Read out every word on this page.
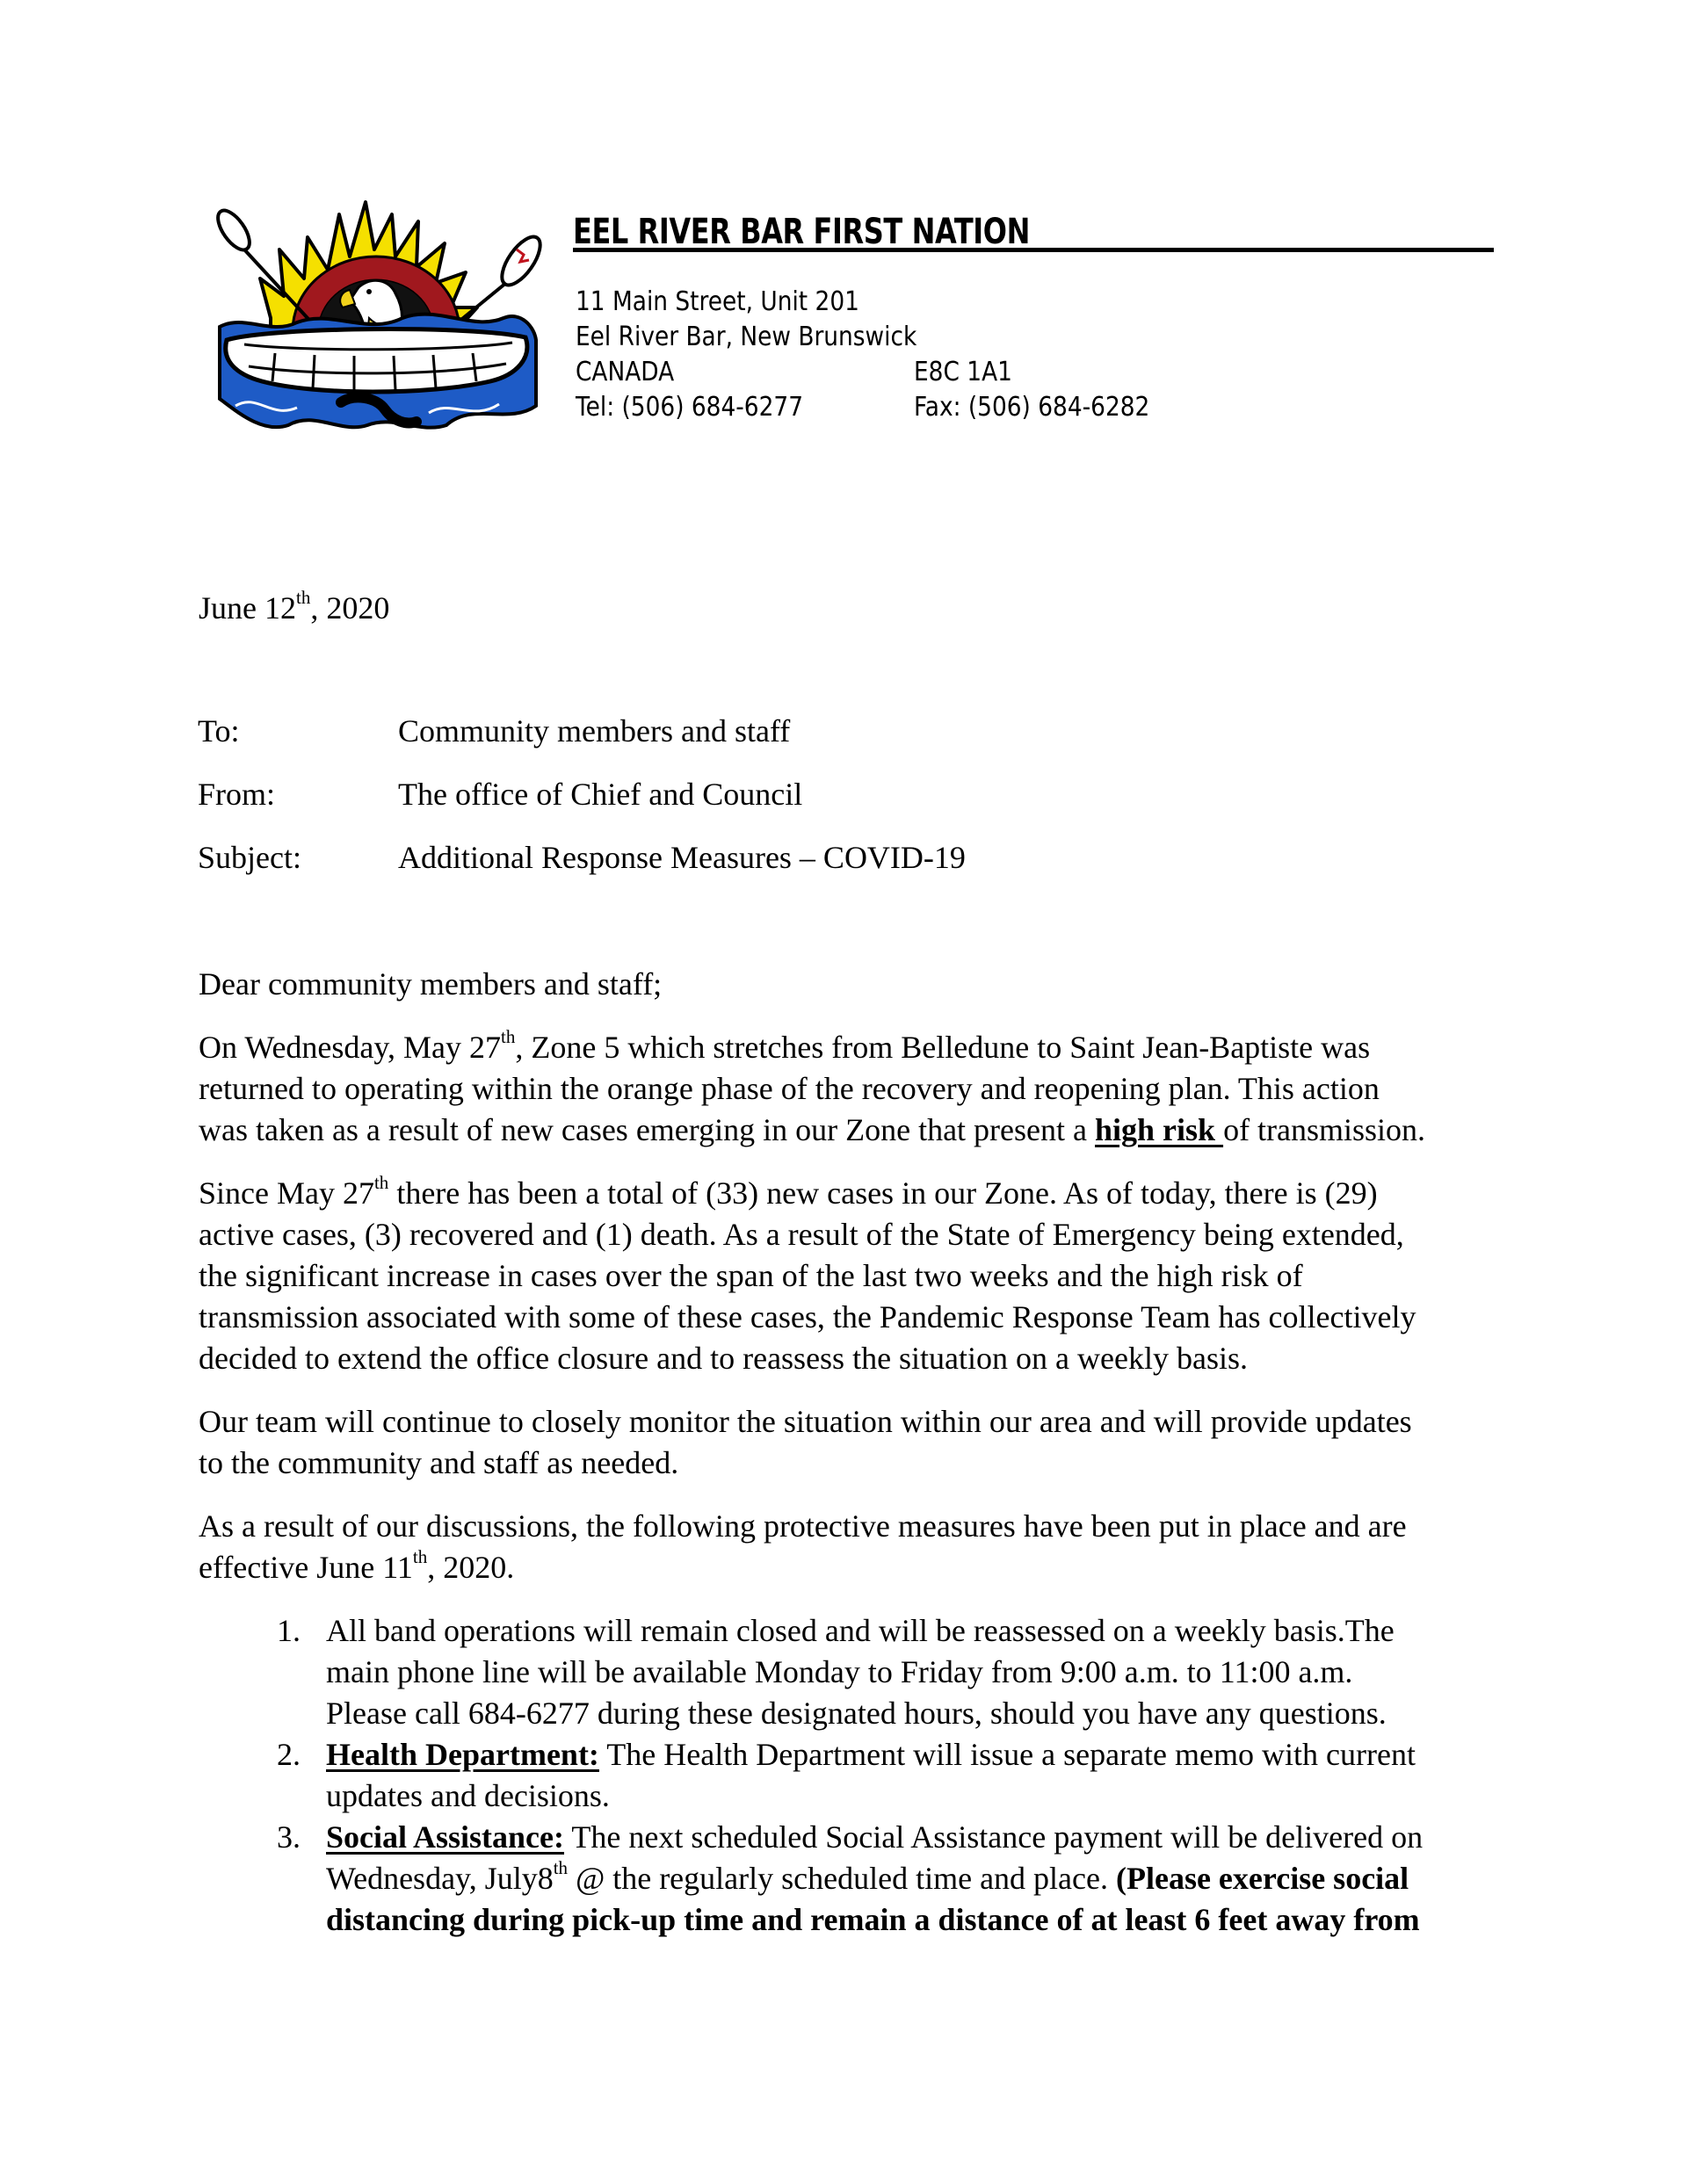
EEL RIVER BAR FIRST NATION
11 Main Street, Unit 201
Eel River Bar, New Brunswick
CANADA	E8C 1A1
Tel: (506) 684-6277	Fax: (506) 684-6282
June 12th, 2020
To:	Community members and staff
From:	The office of Chief and Council
Subject:	Additional Response Measures – COVID-19
Dear community members and staff;
On Wednesday, May 27th, Zone 5 which stretches from Belledune to Saint Jean-Baptiste was
returned to operating within the orange phase of the recovery and reopening plan. This action
was taken as a result of new cases emerging in our Zone that present a high risk of transmission.
Since May 27th there has been a total of (33) new cases in our Zone. As of today, there is (29)
active cases, (3) recovered and (1) death. As a result of the State of Emergency being extended,
the significant increase in cases over the span of the last two weeks and the high risk of
transmission associated with some of these cases, the Pandemic Response Team has collectively
decided to extend the office closure and to reassess the situation on a weekly basis.
Our team will continue to closely monitor the situation within our area and will provide updates
to the community and staff as needed.
As a result of our discussions, the following protective measures have been put in place and are
effective June 11th, 2020.
1. All band operations will remain closed and will be reassessed on a weekly basis.The
main phone line will be available Monday to Friday from 9:00 a.m. to 11:00 a.m.
Please call 684-6277 during these designated hours, should you have any questions.
2. Health Department: The Health Department will issue a separate memo with current
updates and decisions.
3. Social Assistance: The next scheduled Social Assistance payment will be delivered on
Wednesday, July8th @ the regularly scheduled time and place. (Please exercise social
distancing during pick-up time and remain a distance of at least 6 feet away from
